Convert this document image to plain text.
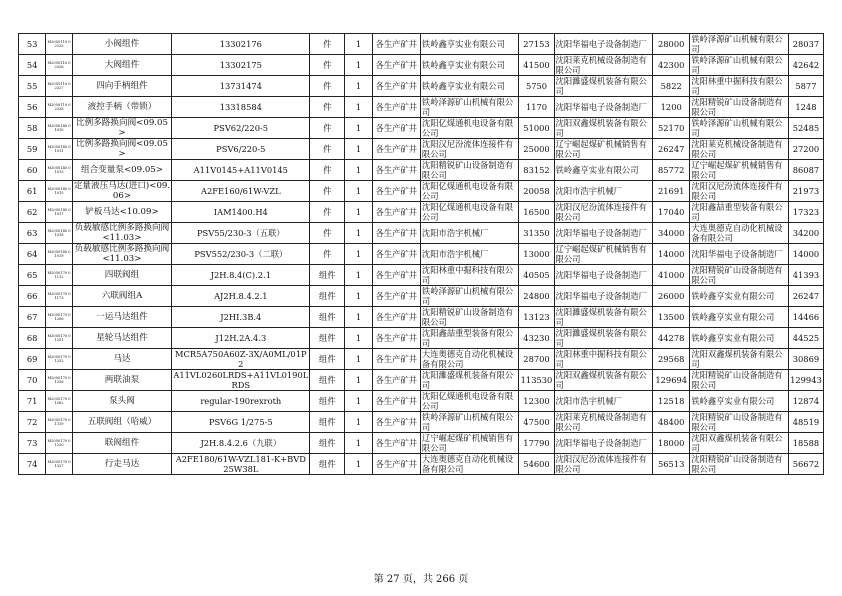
53	M2050110 02325	小阀组件	13302176	件	1	各生产矿井	铁岭鑫亨实业有限公司	27153	沈阳华福电子设备制造厂	28000	铁岭泽源矿山机械有限公司	28037
54	M2050110 02326	大阀组件	13302175	件	1	各生产矿井	铁岭鑫亨实业有限公司	41500	沈阳莱克机械设备制造有限公司	42300	铁岭泽源矿山机械有限公司	42642
55	M2050110 02327	四向手柄组件	13731474	件	1	各生产矿井	铁岭鑫亨实业有限公司	5750	沈阳濉盛煤机装备有限公司	5822	沈阳林重中掘科技有限公司	5877
56	M2050110 02328	液控手柄（带锁）	13318584	件	1	各生产矿井	铁岭泽源矿山机械有限公司	1170	沈阳华福电子设备制造厂	1200	沈阳精锐矿山设备制造有限公司	1248
58	M2050140 01010	比例多路换向阀<09.05>	PSV62/220-5	件	1	各生产矿井	沈阳亿煤通机电设备有限公司	51000	沈阳双鑫煤机装备有限公司	52170	铁岭泽源矿山机械有限公司	52485
59	M2050140 01011	比例多路换向阀<09.05>	PSV6/220-5	件	1	各生产矿井	沈阳汉尼汾流体连接件有限公司	25000	辽宁崛起煤矿机械销售有限公司	26247	沈阳莱克机械设备制造有限公司	27200
60	M2050140 01013	组合变量泵<09.05>	A11V0145+A11V0145	件	1	各生产矿井	沈阳精锐矿山设备制造有限公司	83152	铁岭鑫亨实业有限公司	85772	辽宁崛起煤矿机械销售有限公司	86087
61	M2050140 01015	定量液压马达(进口)<09.06>	A2FE160/61W-VZL	件	1	各生产矿井	沈阳亿煤通机电设备有限公司	20058	沈阳市浩宇机械厂	21691	沈阳汉尼汾流体连接件有限公司	21973
62	M2050140 01017	铲板马达<10.09>	IAM1400.H4	件	1	各生产矿井	沈阳亿煤通机电设备有限公司	16500	沈阳汉尼汾流体连接件有限公司	17040	沈阳鑫喆重型装备有限公司	17323
63	M2050140 01018	负载敏感比例多路换向阀<11.03>	PSV55/230-3（五联）	件	1	各生产矿井	沈阳市浩宇机械厂	31350	沈阳华福电子设备制造厂	34000	大连奥德克自动化机械设备有限公司	34200
64	M2050140 01019	负载敏感比例多路换向阀<11.03>	PSV552/230-3（二联）	件	1	各生产矿井	沈阳市浩宇机械厂	13000	辽宁崛起煤矿机械销售有限公司	14000	沈阳华福电子设备制造厂	14000
65	M2050170 01112	四联阀组	J2H.8.4(C).2.1	组件	1	各生产矿井	沈阳林重中掘科技有限公司	40505	沈阳华福电子设备制造厂	41000	沈阳精锐矿山设备制造有限公司	41393
66	M2050170 01173	六联阀组A	AJ2H.8.4.2.1	组件	1	各生产矿井	铁岭泽源矿山机械有限公司	24800	沈阳华福电子设备制造厂	26000	铁岭鑫亨实业有限公司	26247
67	M2050170 01206	一运马达组件	J2HI.3B.4	组件	1	各生产矿井	沈阳精锐矿山设备制造有限公司	13123	沈阳濉盛煤机装备有限公司	13500	铁岭鑫亨实业有限公司	14466
68	M2050170 01251	星轮马达组件	J12H.2A.4.3	组件	1	各生产矿井	沈阳鑫喆重型装备有限公司	43230	沈阳濉盛煤机装备有限公司	44278	铁岭鑫亨实业有限公司	44525
69	M2050170 01252	马达	MCR5A750A60Z-3X/A0ML/01P2	组件	1	各生产矿井	大连奥德克自动化机械设备有限公司	28700	沈阳林重中掘科技有限公司	29568	沈阳双鑫煤机装备有限公司	30869
70	M2050170 01256	两联油泵	A11VL0260LRDS+A11VL0190LRDS	组件	1	各生产矿井	沈阳濉盛煤机装备有限公司	113530	沈阳双鑫煤机装备有限公司	129694	沈阳精锐矿山设备制造有限公司	129943
71	M2050170 01262	泵头阀	regular-190rexroth	组件	1	各生产矿井	沈阳亿煤通机电设备有限公司	12300	沈阳市浩宇机械厂	12518	铁岭鑫亨实业有限公司	12874
72	M2050170 01319	五联阀组（哈威）	PSV6G 1/275-5	组件	1	各生产矿井	铁岭泽源矿山机械有限公司	47500	沈阳莱克机械设备制造有限公司	48400	沈阳精锐矿山设备制造有限公司	48519
73	M2050170 01320	联阀组件	J2H.8.4.2.6（九联）	组件	1	各生产矿井	辽宁崛起煤矿机械销售有限公司	17790	沈阳华福电子设备制造厂	18000	沈阳双鑫煤机装备有限公司	18588
74	M2050170 01327	行走马达	A2FE180/61W-VZL181-K+BVD25W38L	组件	1	各生产矿井	大连奥德克自动化机械设备有限公司	54600	沈阳汉尼汾流体连接件有限公司	56513	沈阳精锐矿山设备制造有限公司	56672
第 27 页，共 266 页
